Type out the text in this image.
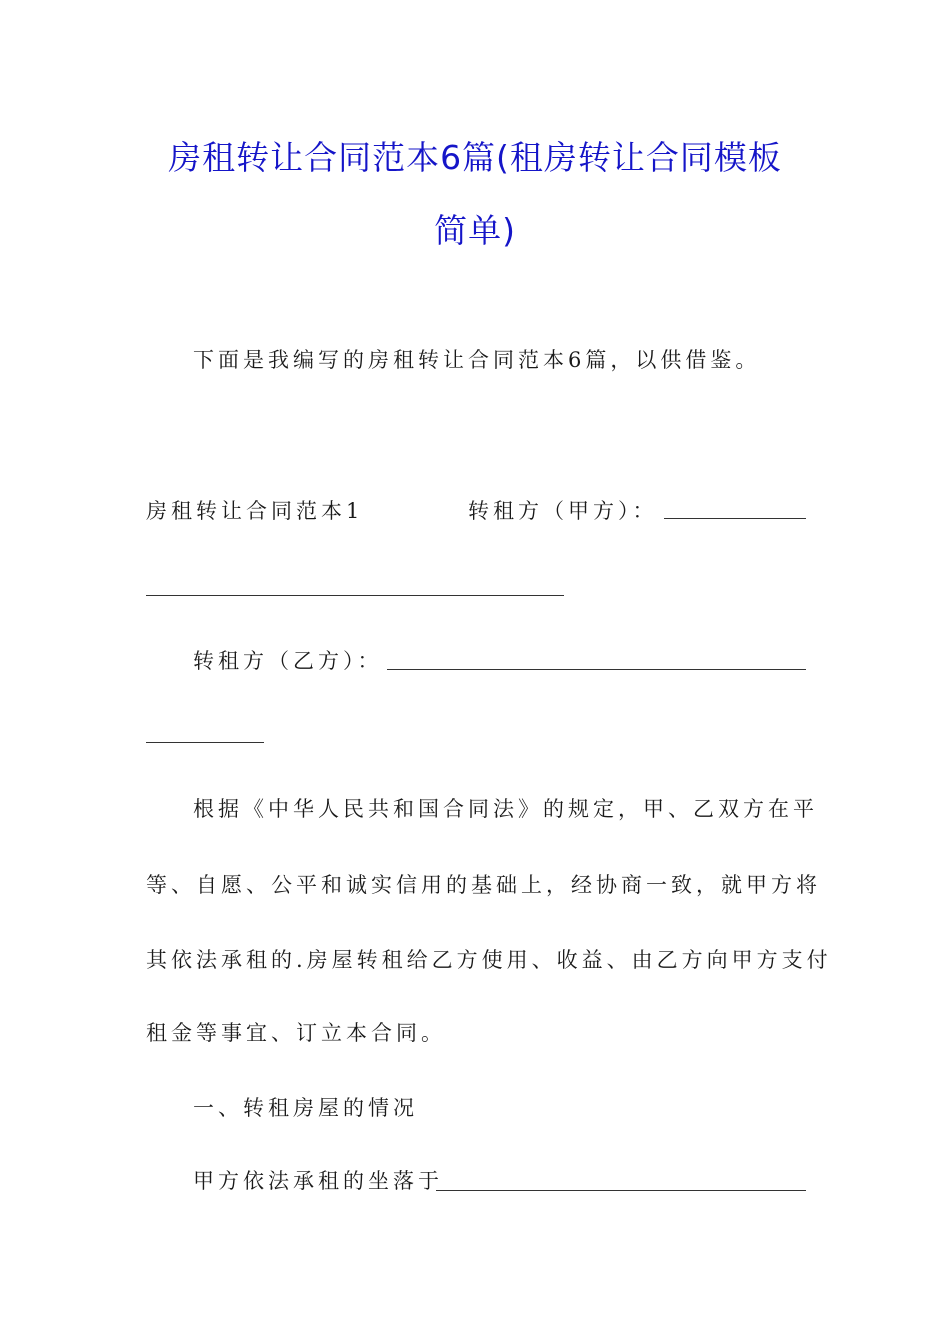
房租转让合同范本6篇(租房转让合同模板
简单)
下面是我编写的房租转让合同范本6篇，以供借鉴。
房租转让合同范本1	转租方（甲方）：
转租方（乙方）：
根据《中华人民共和国合同法》的规定，甲、乙双方在平
等、自愿、公平和诚实信用的基础上，经协商一致，就甲方将
其依法承租的.房屋转租给乙方使用、收益、由乙方向甲方支付
租金等事宜、订立本合同。
一、转租房屋的情况
甲方依法承租的坐落于
